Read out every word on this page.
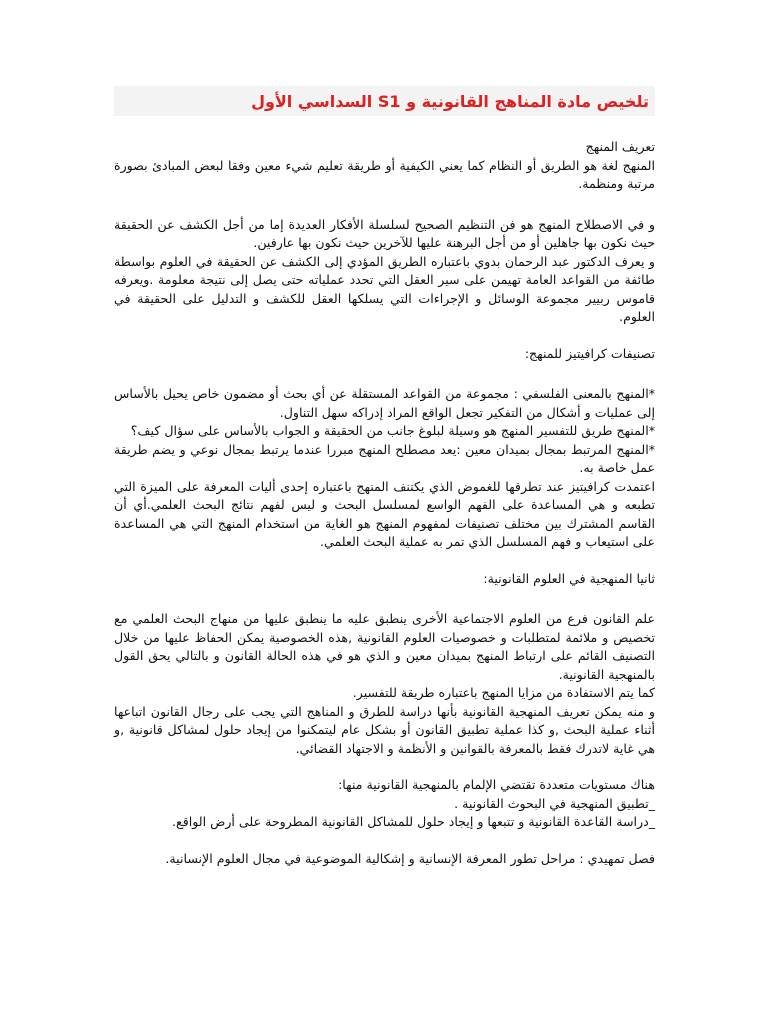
تلخيص مادة المناهج القانونية و S1 السداسي الأول

تعريف المنهج

المنهج لغة هو الطريق أو النظام كما يعني الكيفية أو طريقة تعليم شيء معين وفقا لبعض المبادئ بصورة مرتبة ومنظمة.

و في الاصطلاح المنهج هو فن التنظيم الصحيح لسلسلة الأفكار العديدة إما من أجل الكشف عن الحقيقة حيث نكون بها جاهلين أو من أجل البرهنة عليها للآخرين حيث نكون بها عارفين.

و يعرف الدكتور عبد الرحمان بدوي باعتباره الطريق المؤدي إلى الكشف عن الحقيقة في العلوم بواسطة طائفة من القواعد العامة تهيمن على سير العقل التي تحدد عملياته حتى يصل إلى نتيجة معلومة .ويعرفه قاموس ربيير مجموعة الوسائل و الإجراءات التي يسلكها العقل للكشف و التدليل على الحقيقة في العلوم.

تصنيفات كرافيتيز للمنهج:

*المنهج بالمعنى الفلسفي : مجموعة من القواعد المستقلة عن أي بحث أو مضمون خاص يحيل بالأساس إلى عمليات و أشكال من التفكير تجعل الواقع المراد إدراكه سهل التناول.

*المنهج طريق للتفسير المنهج هو وسيلة لبلوغ جانب من الحقيقة و الجواب بالأساس على سؤال كيف؟

*المنهج المرتبط بمجال بميدان معين :يعد مصطلح المنهج مبررا عندما يرتبط بمجال نوعي و يضم طريقة عمل خاصة به.

اعتمدت كرافيتيز عند تطرقها للغموض الذي يكتنف المنهج باعتباره إحدى أليات المعرفة على الميزة التي تطبعه و هي المساعدة على الفهم الواسع لمسلسل البحث و ليس لفهم نتائج البحث العلمي.أي أن القاسم المشترك بين مختلف تصنيفات لمفهوم المنهج هو الغاية من استخدام المنهج التي هي المساعدة على استيعاب و فهم المسلسل الذي تمر به عملية البحث العلمي.

ثانيا المنهجية في العلوم القانونية:

علم القانون فرع من العلوم الاجتماعية الأخرى ينطبق عليه ما ينطبق عليها من منهاج البحث العلمي مع تخصيص و ملائمة لمتطلبات و خصوصيات العلوم القانونية ,هذه الخصوصية يمكن الحفاظ عليها من خلال التصنيف القائم على ارتباط المنهج بميدان معين و الذي هو في هذه الحالة القانون و بالتالي يحق القول بالمنهجية القانونية.

كما يتم الاستفادة من مزايا المنهج باعتباره طريقة للتفسير.

و منه يمكن تعريف المنهجية القانونية بأنها دراسة للطرق و المناهج التي يجب على رجال القانون اتباعها أثناء عملية البحث ,و كذا عملية تطبيق القانون أو بشكل عام ليتمكنوا من إيجاد حلول لمشاكل قانونية ,و هي غاية لاتدرك فقط بالمعرفة بالقوانين و الأنظمة و الاجتهاد القضائي.

هناك مستويات متعددة تقتضي الإلمام بالمنهجية القانونية منها:

_تطبيق المنهجية في البحوث القانونية .

_دراسة القاعدة القانونية و تتبعها و إيجاد حلول للمشاكل القانونية المطروحة على أرض الواقع.

فصل تمهيدي : مراحل تطور المعرفة الإنسانية و إشكالية الموضوعية في مجال العلوم الإنسانية.
